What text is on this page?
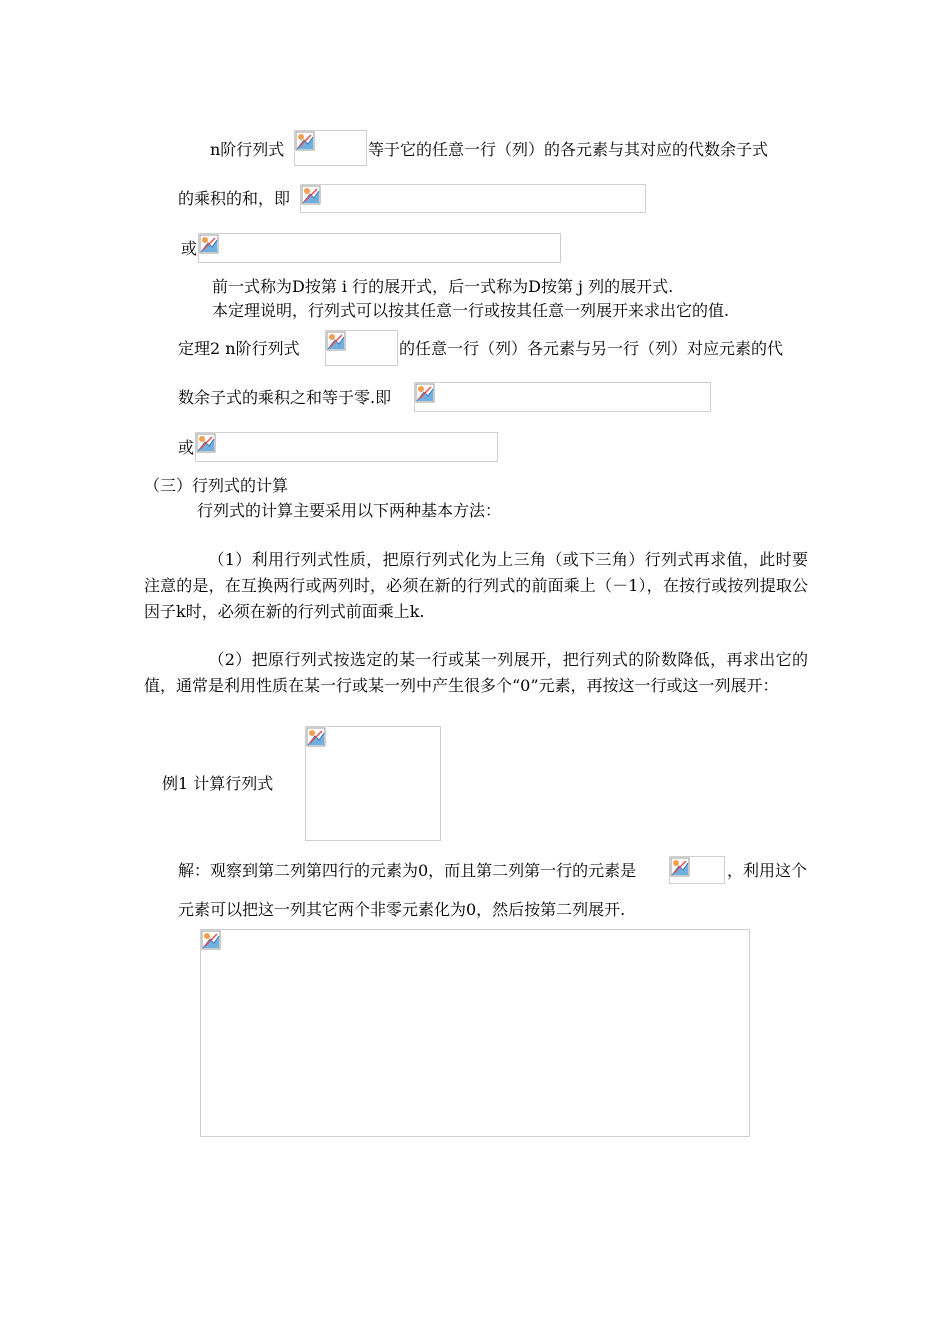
n阶行列式	等于它的任意一行（列）的各元素与其对应的代数余子式
的乘积的和，即
或
前一式称为D按第 i 行的展开式，后一式称为D按第 j 列的展开式.
本定理说明，行列式可以按其任意一行或按其任意一列展开来求出它的值.
定理2 n阶行列式	的任意一行（列）各元素与另一行（列）对应元素的代
数余子式的乘积之和等于零.即
或
（三）行列式的计算
行列式的计算主要采用以下两种基本方法：
（1）利用行列式性质，把原行列式化为上三角（或下三角）行列式再求值，此时要注意的是，在互换两行或两列时，必须在新的行列式的前面乘上（－1），在按行或按列提取公因子k时，必须在新的行列式前面乘上k.
（2）把原行列式按选定的某一行或某一列展开，把行列式的阶数降低，再求出它的值，通常是利用性质在某一行或某一列中产生很多个“0”元素，再按这一行或这一列展开：
例1 计算行列式
解：观察到第二列第四行的元素为0，而且第二列第一行的元素是	，利用这个
元素可以把这一列其它两个非零元素化为0，然后按第二列展开.
